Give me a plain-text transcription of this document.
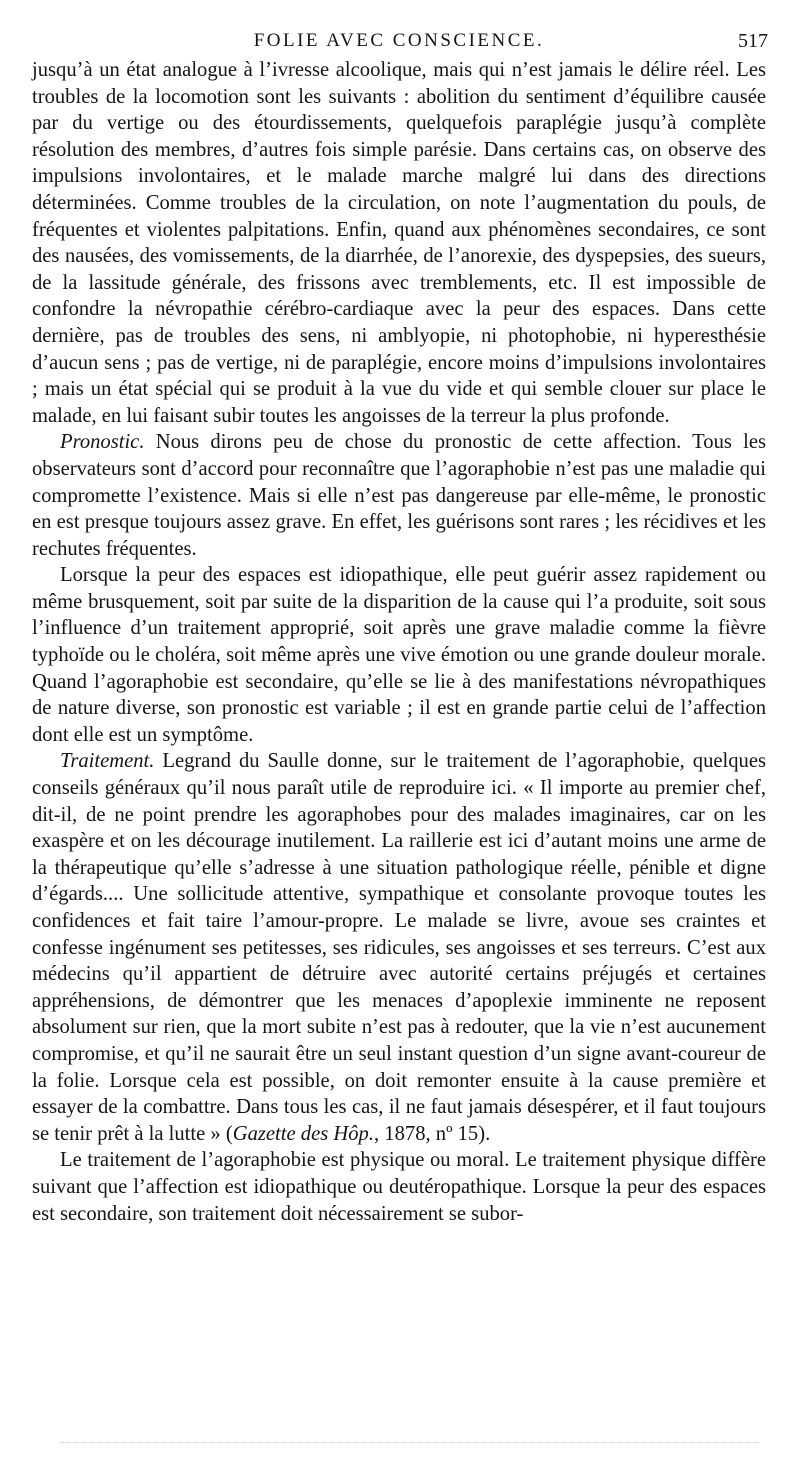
FOLIE AVEC CONSCIENCE.	517

jusqu’à un état analogue à l’ivresse alcoolique, mais qui n’est jamais le délire réel. Les troubles de la locomotion sont les suivants : abolition du sentiment d’équilibre causée par du vertige ou des étourdissements, quelquefois paraplégie jusqu’à complète résolution des membres, d’autres fois simple parésie. Dans certains cas, on observe des impulsions involontaires, et le malade marche malgré lui dans des directions déterminées. Comme troubles de la circulation, on note l’augmentation du pouls, de fréquentes et violentes palpitations. Enfin, quand aux phénomènes secondaires, ce sont des nausées, des vomissements, de la diarrhée, de l’anorexie, des dyspepsies, des sueurs, de la lassitude générale, des frissons avec tremblements, etc. Il est impossible de confondre la névropathie cérébro-cardiaque avec la peur des espaces. Dans cette dernière, pas de troubles des sens, ni amblyopie, ni photophobie, ni hyperesthésie d’aucun sens ; pas de vertige, ni de paraplégie, encore moins d’impulsions involontaires ; mais un état spécial qui se produit à la vue du vide et qui semble clouer sur place le malade, en lui faisant subir toutes les angoisses de la terreur la plus profonde.

Pronostic. Nous dirons peu de chose du pronostic de cette affection. Tous les observateurs sont d’accord pour reconnaître que l’agoraphobie n’est pas une maladie qui compromette l’existence. Mais si elle n’est pas dangereuse par elle-même, le pronostic en est presque toujours assez grave. En effet, les guérisons sont rares ; les récidives et les rechutes fréquentes.

Lorsque la peur des espaces est idiopathique, elle peut guérir assez rapidement ou même brusquement, soit par suite de la disparition de la cause qui l’a produite, soit sous l’influence d’un traitement approprié, soit après une grave maladie comme la fièvre typhoïde ou le choléra, soit même après une vive émotion ou une grande douleur morale. Quand l’agoraphobie est secondaire, qu’elle se lie à des manifestations névropathiques de nature diverse, son pronostic est variable ; il est en grande partie celui de l’affection dont elle est un symptôme.

Traitement. Legrand du Saulle donne, sur le traitement de l’agoraphobie, quelques conseils généraux qu’il nous paraît utile de reproduire ici. « Il importe au premier chef, dit-il, de ne point prendre les agoraphobes pour des malades imaginaires, car on les exaspère et on les décourage inutilement. La raillerie est ici d’autant moins une arme de la thérapeutique qu’elle s’adresse à une situation pathologique réelle, pénible et digne d’égards.... Une sollicitude attentive, sympathique et consolante provoque toutes les confidences et fait taire l’amour-propre. Le malade se livre, avoue ses craintes et confesse ingénument ses petitesses, ses ridicules, ses angoisses et ses terreurs. C’est aux médecins qu’il appartient de détruire avec autorité certains préjugés et certaines appréhensions, de démontrer que les menaces d’apoplexie imminente ne reposent absolument sur rien, que la mort subite n’est pas à redouter, que la vie n’est aucunement compromise, et qu’il ne saurait être un seul instant question d’un signe avant-coureur de la folie. Lorsque cela est possible, on doit remonter ensuite à la cause première et essayer de la combattre. Dans tous les cas, il ne faut jamais désespérer, et il faut toujours se tenir prêt à la lutte » (Gazette des Hôp., 1878, nº 15).

Le traitement de l’agoraphobie est physique ou moral. Le traitement physique diffère suivant que l’affection est idiopathique ou deutéropathique. Lorsque la peur des espaces est secondaire, son traitement doit nécessairement se subor-
